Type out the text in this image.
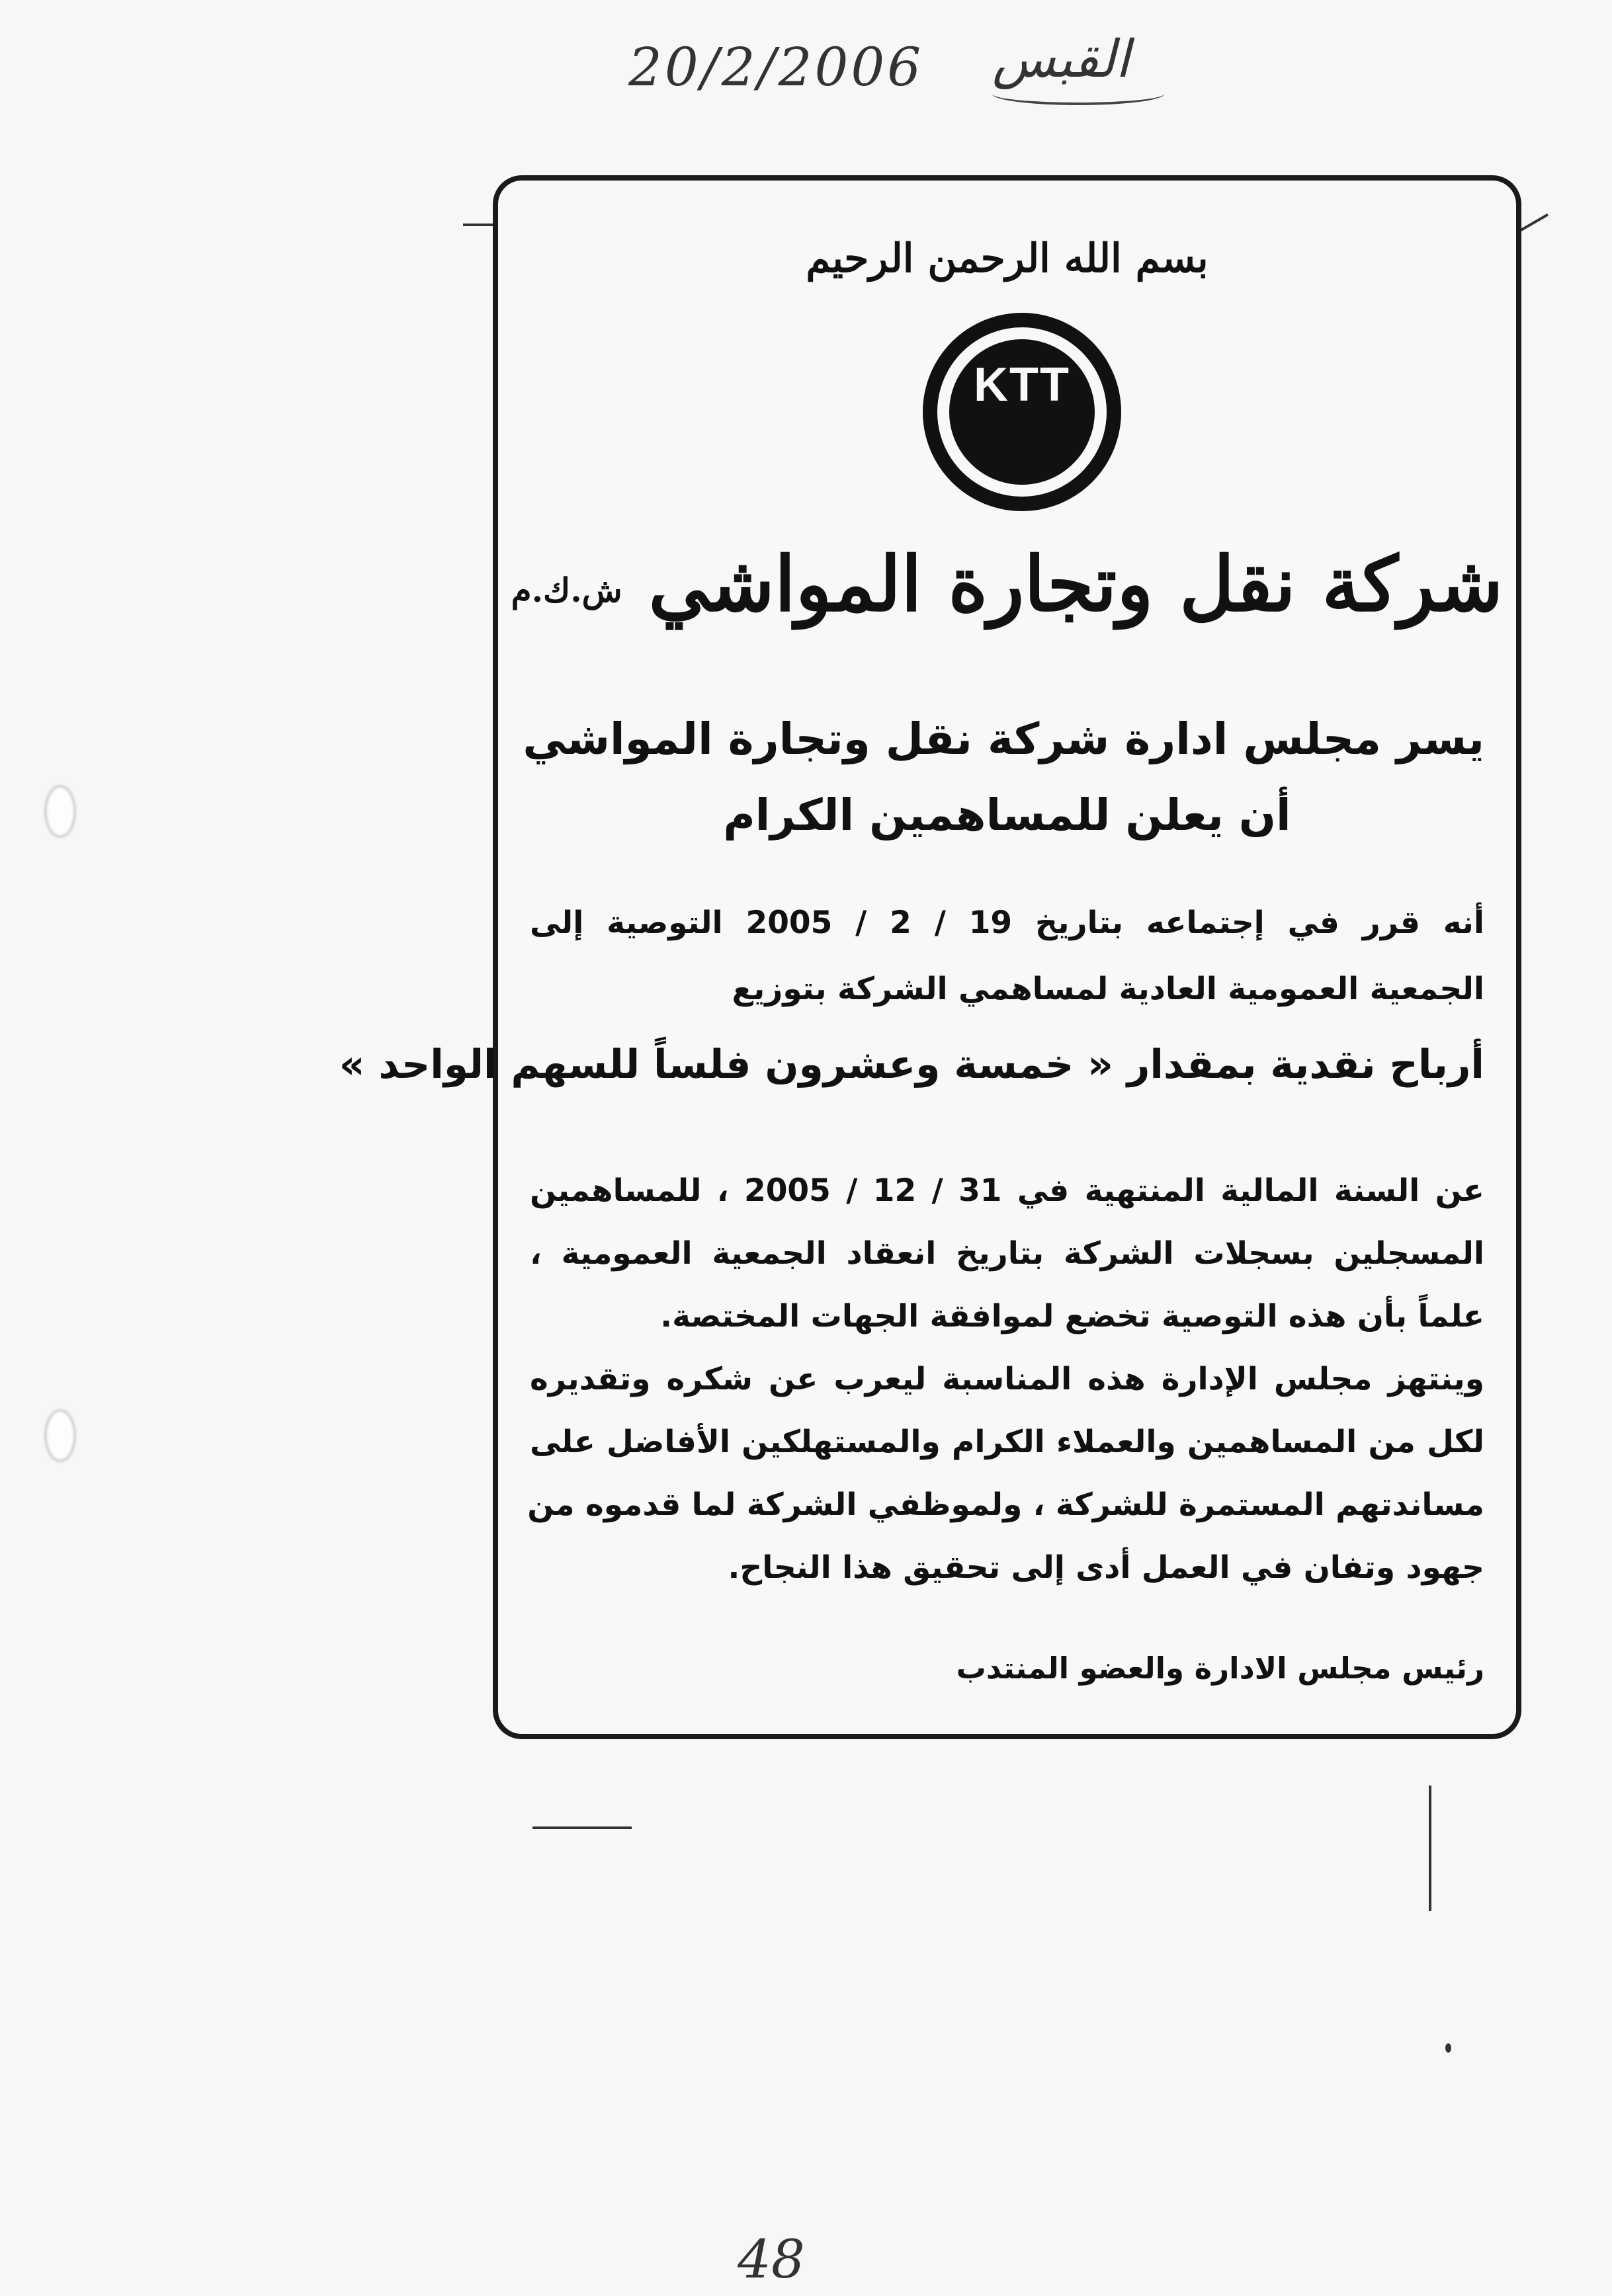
20/2/2006 القبس
بسم الله الرحمن الرحيم
KTT
شركة نقل وتجارة المواشي ش.ك.م
يسر مجلس ادارة شركة نقل وتجارة المواشي
أن يعلن للمساهمين الكرام
أنه قرر في إجتماعه بتاريخ 19 / 2 / 2005 التوصية إلى
الجمعية العمومية العادية لمساهمي الشركة بتوزيع
أرباح نقدية بمقدار « خمسة وعشرون فلساً للسهم الواحد »
عن السنة المالية المنتهية في 31 / 12 / 2005 ، للمساهمين
المسجلين بسجلات الشركة بتاريخ انعقاد الجمعية العمومية ،
علماً بأن هذه التوصية تخضع لموافقة الجهات المختصة.
وينتهز مجلس الإدارة هذه المناسبة ليعرب عن شكره وتقديره
لكل من المساهمين والعملاء الكرام والمستهلكين الأفاضل على
مساندتهم المستمرة للشركة ، ولموظفي الشركة لما قدموه من
جهود وتفان في العمل أدى إلى تحقيق هذا النجاح.
رئيس مجلس الادارة والعضو المنتدب
48
